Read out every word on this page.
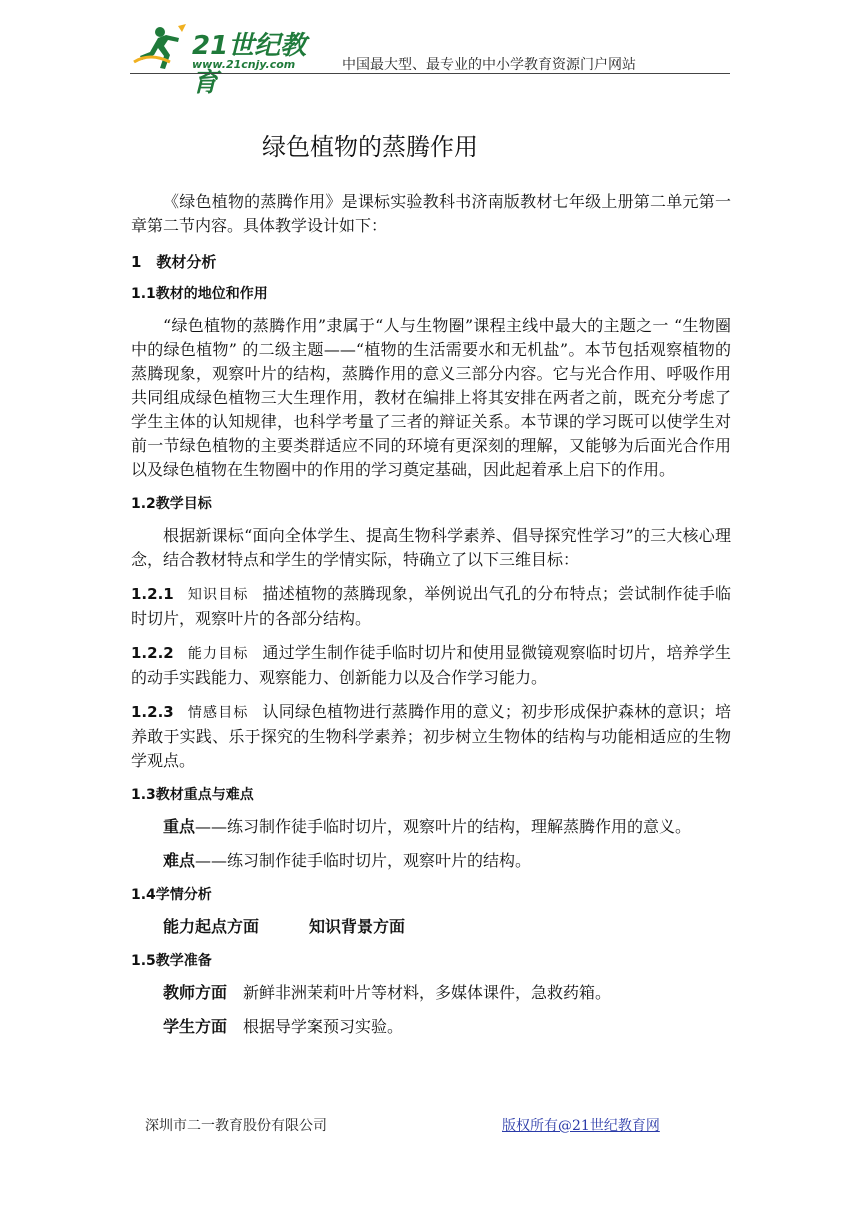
21世纪教育
www.21cnjy.com	中国最大型、最专业的中小学教育资源门户网站
绿色植物的蒸腾作用

《绿色植物的蒸腾作用》是课标实验教科书济南版教材七年级上册第二单元第一章第二节内容。具体教学设计如下：

1　教材分析
1.1教材的地位和作用

“绿色植物的蒸腾作用”隶属于“人与生物圈”课程主线中最大的主题之一 “生物圈中的绿色植物” 的二级主题——“植物的生活需要水和无机盐”。本节包括观察植物的蒸腾现象，观察叶片的结构，蒸腾作用的意义三部分内容。它与光合作用、呼吸作用共同组成绿色植物三大生理作用，教材在编排上将其安排在两者之前，既充分考虑了学生主体的认知规律，也科学考量了三者的辩证关系。本节课的学习既可以使学生对前一节绿色植物的主要类群适应不同的环境有更深刻的理解，又能够为后面光合作用以及绿色植物在生物圈中的作用的学习奠定基础，因此起着承上启下的作用。

1.2教学目标

根据新课标“面向全体学生、提高生物科学素养、倡导探究性学习”的三大核心理念，结合教材特点和学生的学情实际，特确立了以下三维目标：

1.2.1 知识目标 描述植物的蒸腾现象，举例说出气孔的分布特点；尝试制作徒手临时切片，观察叶片的各部分结构。

1.2.2 能力目标 通过学生制作徒手临时切片和使用显微镜观察临时切片，培养学生的动手实践能力、观察能力、创新能力以及合作学习能力。

1.2.3 情感目标 认同绿色植物进行蒸腾作用的意义；初步形成保护森林的意识；培养敢于实践、乐于探究的生物科学素养；初步树立生物体的结构与功能相适应的生物学观点。

1.3教材重点与难点

重点——练习制作徒手临时切片，观察叶片的结构，理解蒸腾作用的意义。

难点——练习制作徒手临时切片，观察叶片的结构。

1.4学情分析

能力起点方面	知识背景方面

1.5教学准备

教师方面　 新鲜非洲茉莉叶片等材料，多媒体课件，急救药箱。

学生方面　 根据导学案预习实验。

深圳市二一教育股份有限公司	版权所有@21世纪教育网
